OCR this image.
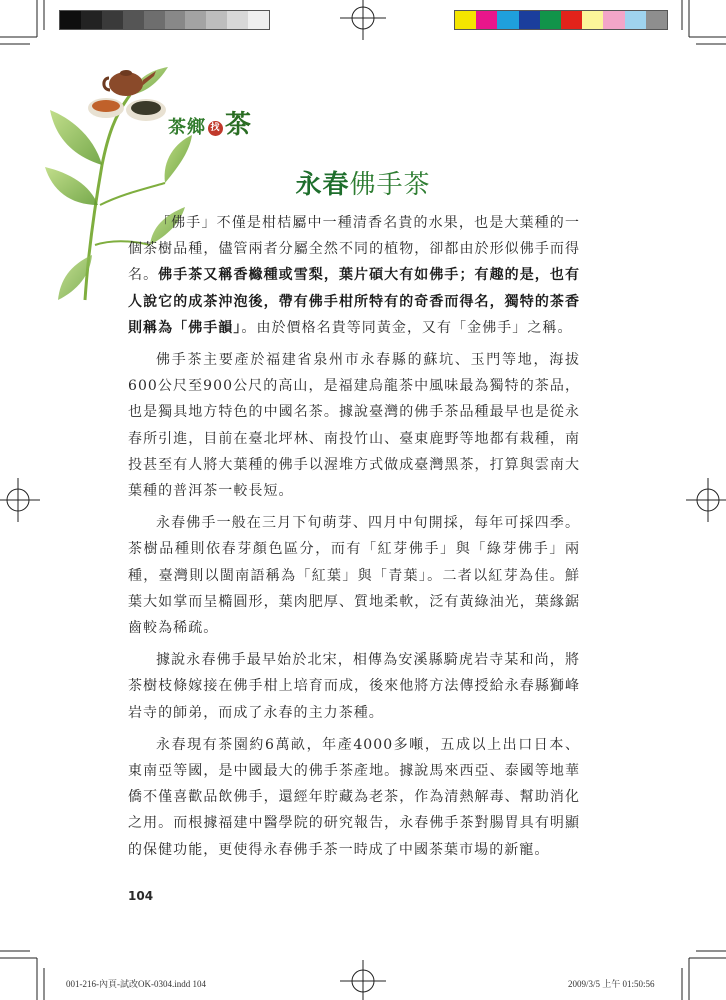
茶鄉 找 茶
永春佛手茶

「佛手」不僅是柑桔屬中一種清香名貴的水果，也是大葉種的一個茶樹品種，儘管兩者分屬全然不同的植物，卻都由於形似佛手而得名。佛手茶又稱香櫞種或雪梨，葉片碩大有如佛手；有趣的是，也有人說它的成茶沖泡後，帶有佛手柑所特有的奇香而得名，獨特的茶香則稱為「佛手韻」。由於價格名貴等同黃金，又有「金佛手」之稱。

佛手茶主要產於福建省泉州市永春縣的蘇坑、玉門等地，海拔600公尺至900公尺的高山，是福建烏龍茶中風味最為獨特的茶品，也是獨具地方特色的中國名茶。據說臺灣的佛手茶品種最早也是從永春所引進，目前在臺北坪林、南投竹山、臺東鹿野等地都有栽種，南投甚至有人將大葉種的佛手以渥堆方式做成臺灣黑茶，打算與雲南大葉種的普洱茶一較長短。

永春佛手一般在三月下旬萌芽、四月中旬開採，每年可採四季。茶樹品種則依春芽顏色區分，而有「紅芽佛手」與「綠芽佛手」兩種，臺灣則以閩南語稱為「紅葉」與「青葉」。二者以紅芽為佳。鮮葉大如掌而呈橢圓形，葉肉肥厚、質地柔軟，泛有黃綠油光，葉緣鋸齒較為稀疏。

據說永春佛手最早始於北宋，相傳為安溪縣騎虎岩寺某和尚，將茶樹枝條嫁接在佛手柑上培育而成，後來他將方法傳授給永春縣獅峰岩寺的師弟，而成了永春的主力茶種。

永春現有茶園約6萬畝，年產4000多噸，五成以上出口日本、東南亞等國，是中國最大的佛手茶產地。據說馬來西亞、泰國等地華僑不僅喜歡品飲佛手，還經年貯藏為老茶，作為清熱解毒、幫助消化之用。而根據福建中醫學院的研究報告，永春佛手茶對腸胃具有明顯的保健功能，更使得永春佛手茶一時成了中國茶葉市場的新寵。

104
001-216-內頁-試改OK-0304.indd 104	2009/3/5 上午 01:50:56
